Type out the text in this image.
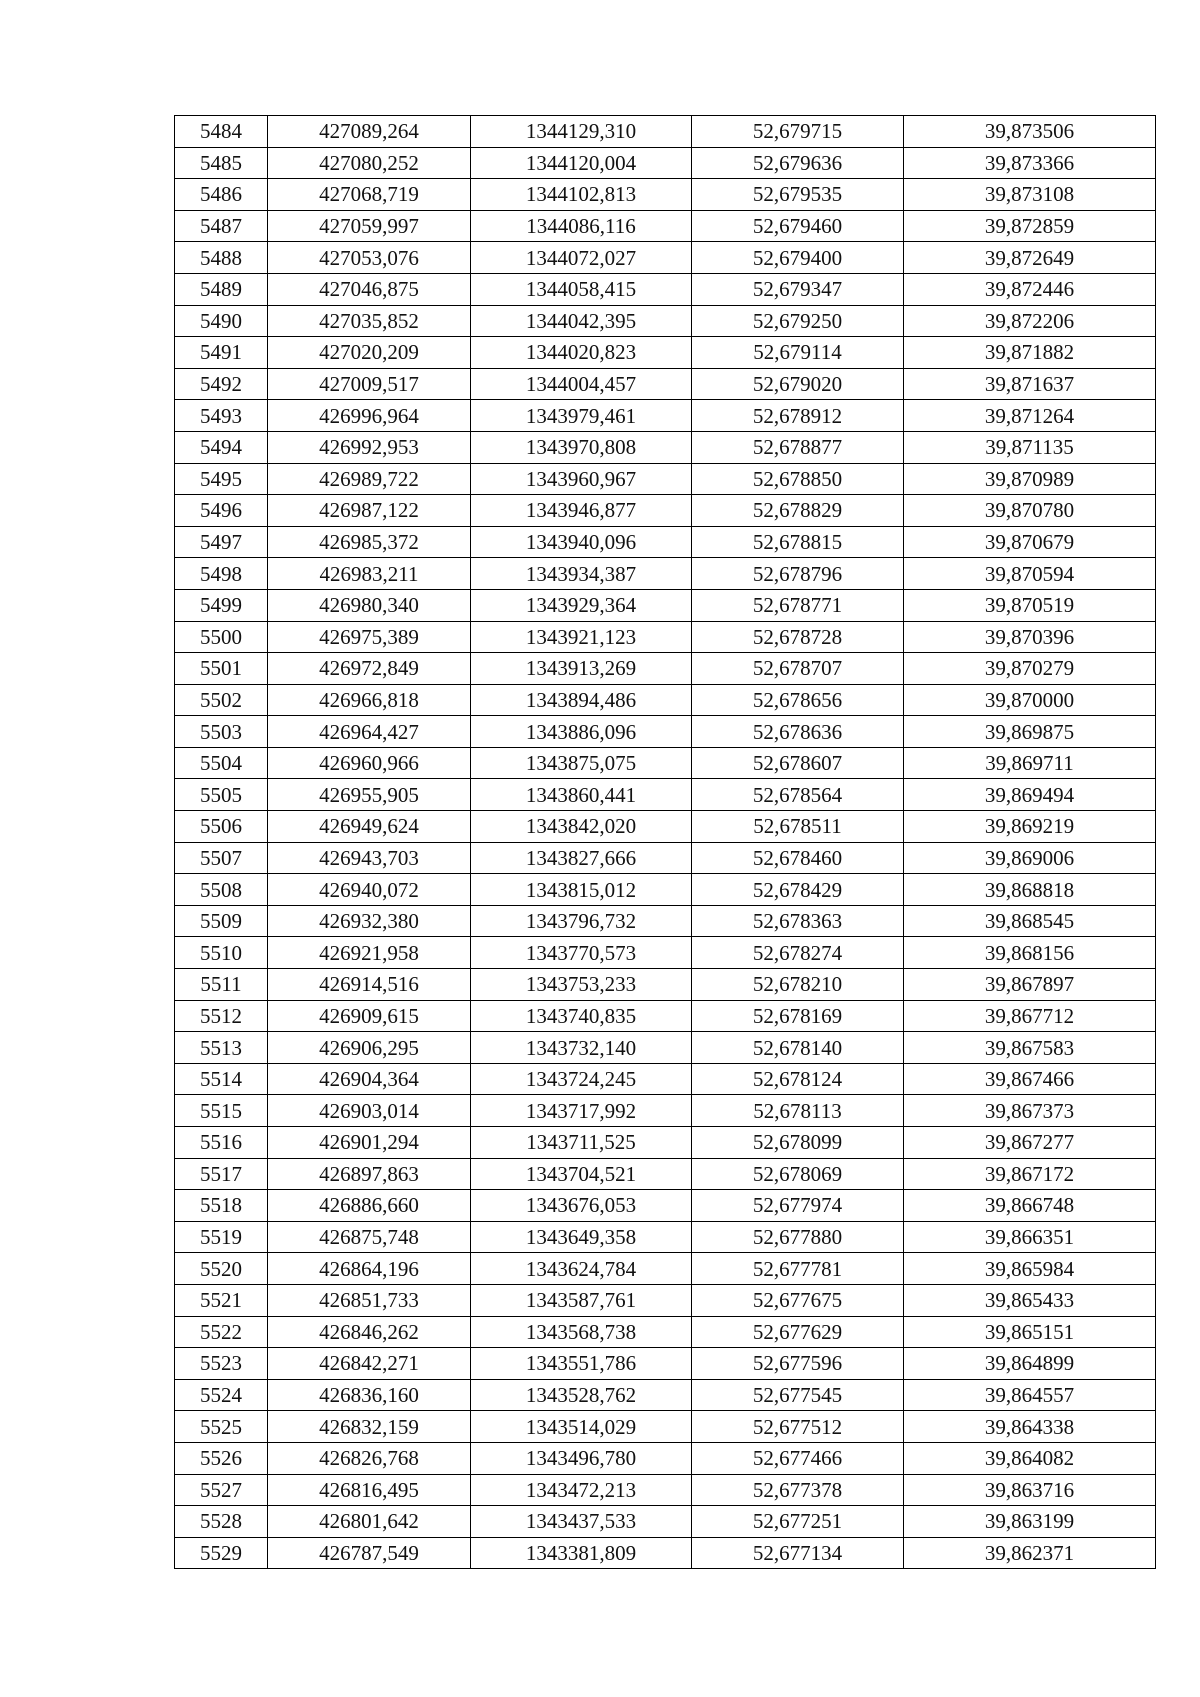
5484	427089,264	1344129,310	52,679715	39,873506
5485	427080,252	1344120,004	52,679636	39,873366
5486	427068,719	1344102,813	52,679535	39,873108
5487	427059,997	1344086,116	52,679460	39,872859
5488	427053,076	1344072,027	52,679400	39,872649
5489	427046,875	1344058,415	52,679347	39,872446
5490	427035,852	1344042,395	52,679250	39,872206
5491	427020,209	1344020,823	52,679114	39,871882
5492	427009,517	1344004,457	52,679020	39,871637
5493	426996,964	1343979,461	52,678912	39,871264
5494	426992,953	1343970,808	52,678877	39,871135
5495	426989,722	1343960,967	52,678850	39,870989
5496	426987,122	1343946,877	52,678829	39,870780
5497	426985,372	1343940,096	52,678815	39,870679
5498	426983,211	1343934,387	52,678796	39,870594
5499	426980,340	1343929,364	52,678771	39,870519
5500	426975,389	1343921,123	52,678728	39,870396
5501	426972,849	1343913,269	52,678707	39,870279
5502	426966,818	1343894,486	52,678656	39,870000
5503	426964,427	1343886,096	52,678636	39,869875
5504	426960,966	1343875,075	52,678607	39,869711
5505	426955,905	1343860,441	52,678564	39,869494
5506	426949,624	1343842,020	52,678511	39,869219
5507	426943,703	1343827,666	52,678460	39,869006
5508	426940,072	1343815,012	52,678429	39,868818
5509	426932,380	1343796,732	52,678363	39,868545
5510	426921,958	1343770,573	52,678274	39,868156
5511	426914,516	1343753,233	52,678210	39,867897
5512	426909,615	1343740,835	52,678169	39,867712
5513	426906,295	1343732,140	52,678140	39,867583
5514	426904,364	1343724,245	52,678124	39,867466
5515	426903,014	1343717,992	52,678113	39,867373
5516	426901,294	1343711,525	52,678099	39,867277
5517	426897,863	1343704,521	52,678069	39,867172
5518	426886,660	1343676,053	52,677974	39,866748
5519	426875,748	1343649,358	52,677880	39,866351
5520	426864,196	1343624,784	52,677781	39,865984
5521	426851,733	1343587,761	52,677675	39,865433
5522	426846,262	1343568,738	52,677629	39,865151
5523	426842,271	1343551,786	52,677596	39,864899
5524	426836,160	1343528,762	52,677545	39,864557
5525	426832,159	1343514,029	52,677512	39,864338
5526	426826,768	1343496,780	52,677466	39,864082
5527	426816,495	1343472,213	52,677378	39,863716
5528	426801,642	1343437,533	52,677251	39,863199
5529	426787,549	1343381,809	52,677134	39,862371
